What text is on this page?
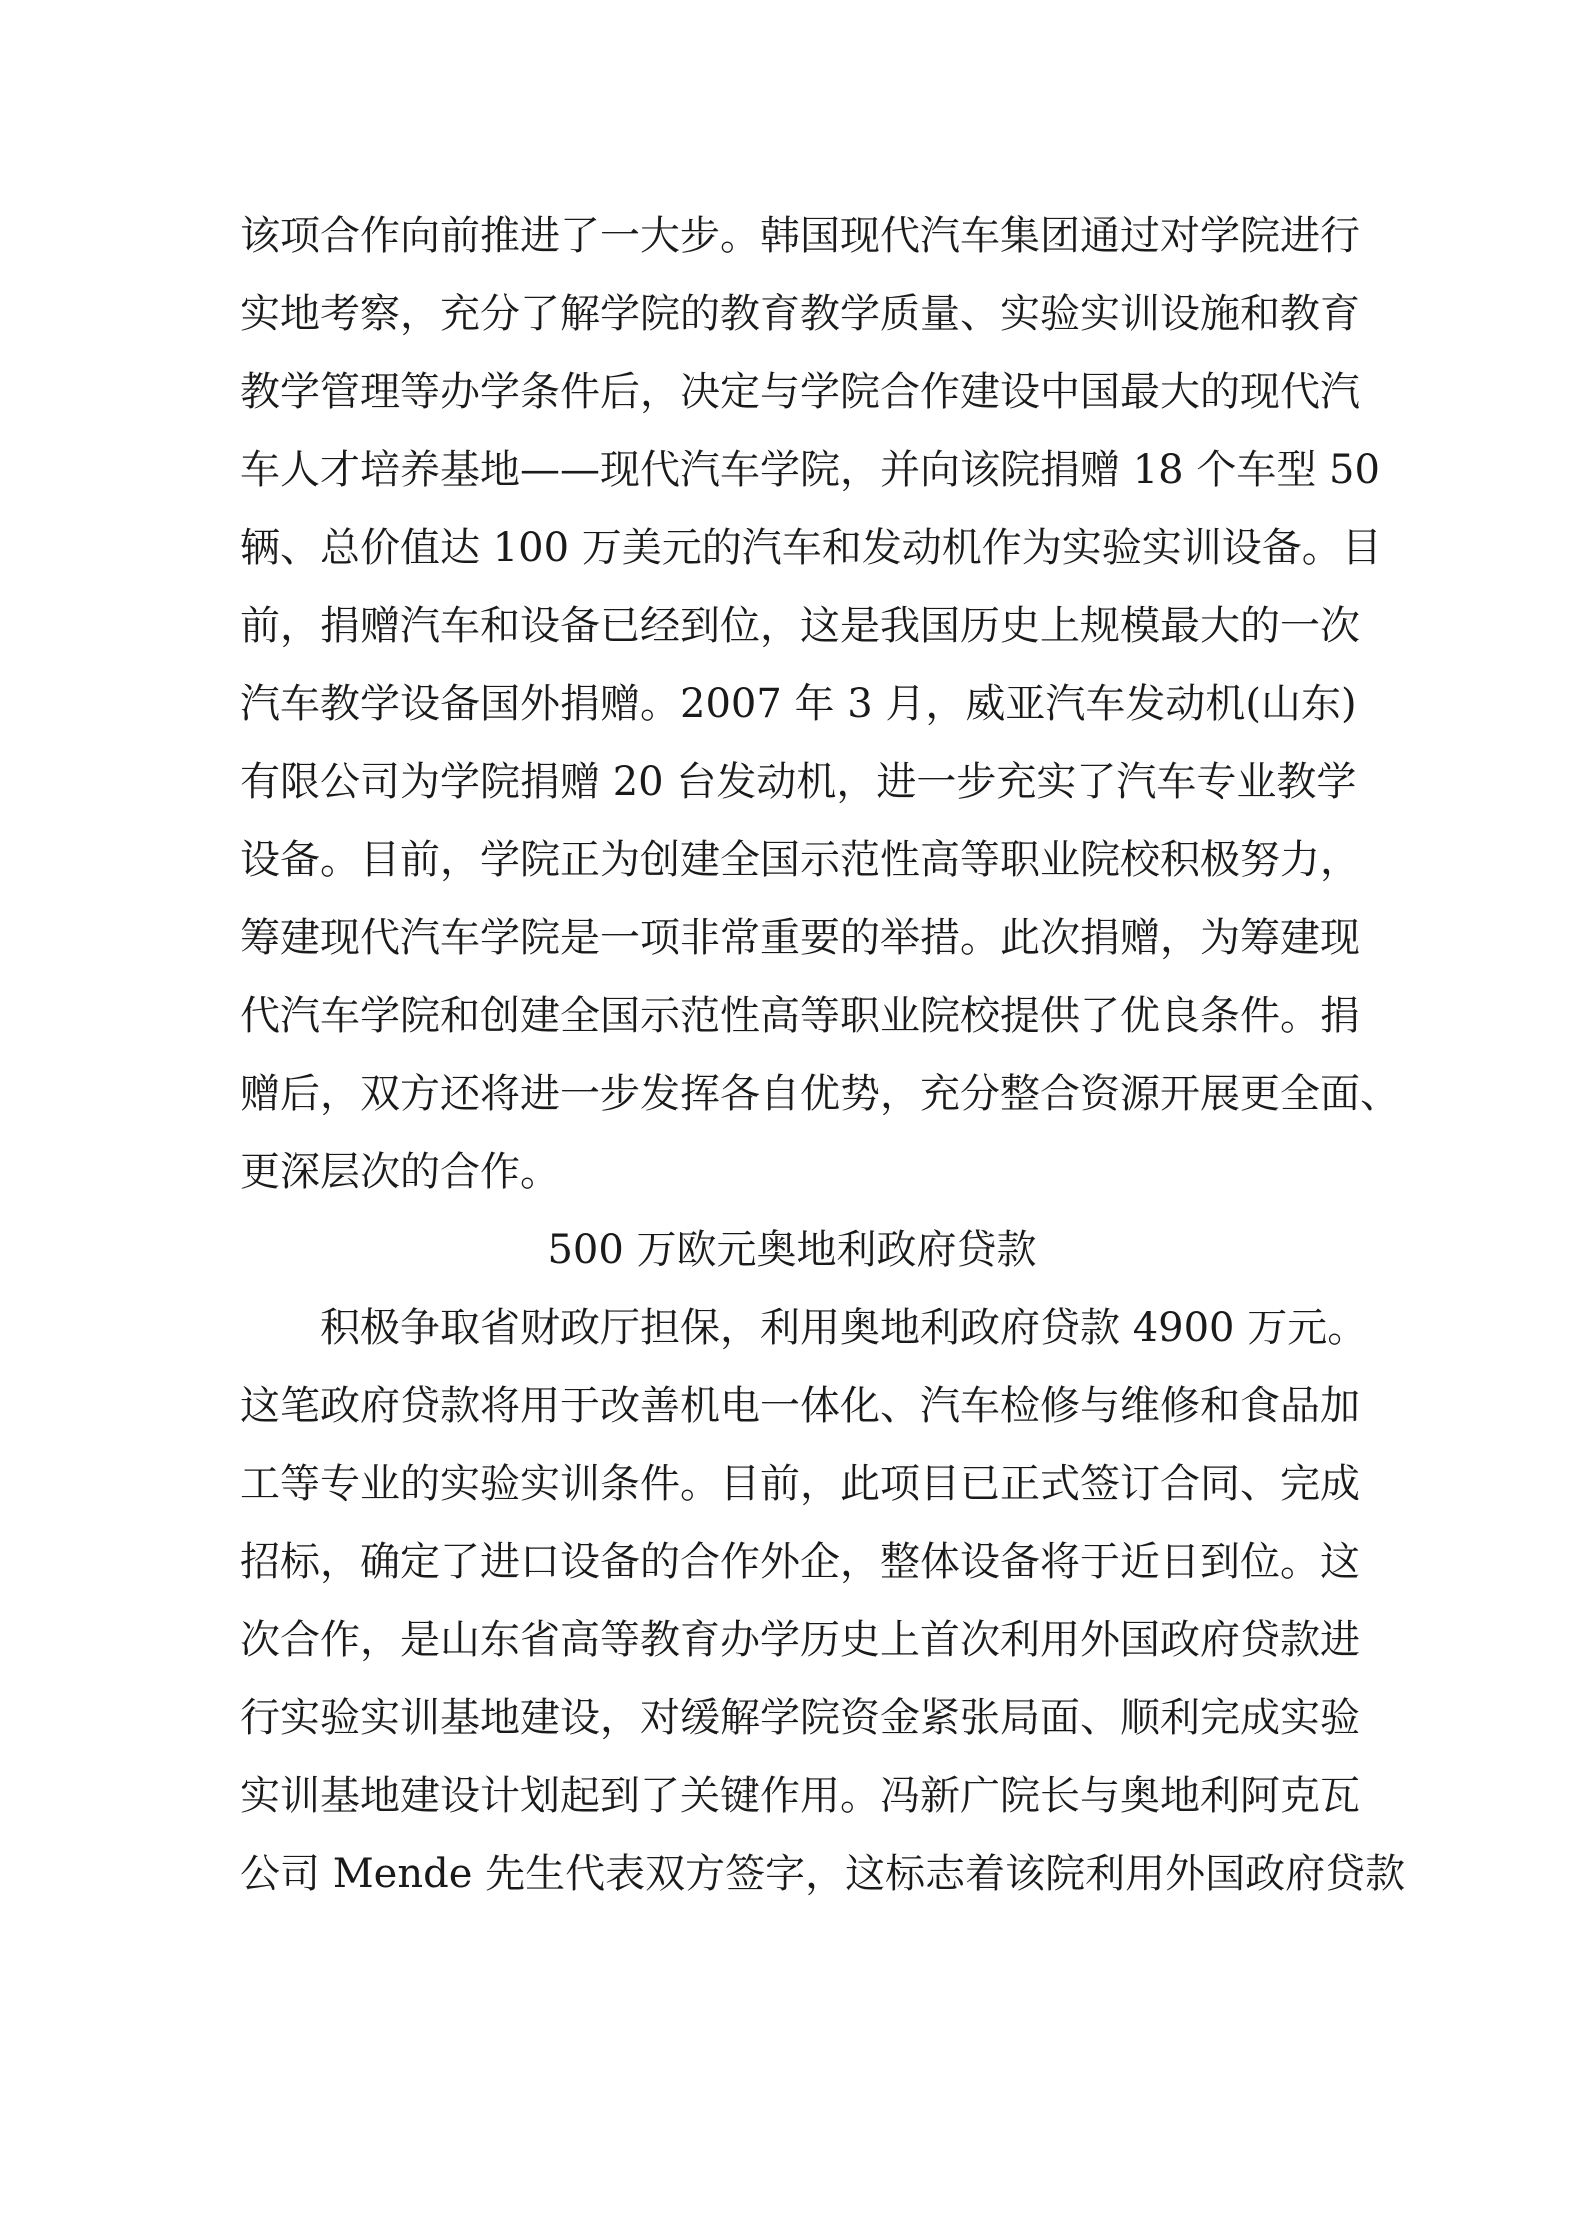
该项合作向前推进了一大步。韩国现代汽车集团通过对学院进行
实地考察，充分了解学院的教育教学质量、实验实训设施和教育
教学管理等办学条件后，决定与学院合作建设中国最大的现代汽
车人才培养基地——现代汽车学院，并向该院捐赠 18 个车型 50
辆、总价值达 100 万美元的汽车和发动机作为实验实训设备。目
前，捐赠汽车和设备已经到位，这是我国历史上规模最大的一次
汽车教学设备国外捐赠。2007 年 3 月，威亚汽车发动机(山东)
有限公司为学院捐赠 20 台发动机，进一步充实了汽车专业教学
设备。目前，学院正为创建全国示范性高等职业院校积极努力，
筹建现代汽车学院是一项非常重要的举措。此次捐赠，为筹建现
代汽车学院和创建全国示范性高等职业院校提供了优良条件。捐
赠后，双方还将进一步发挥各自优势，充分整合资源开展更全面、
更深层次的合作。
500 万欧元奥地利政府贷款
积极争取省财政厅担保，利用奥地利政府贷款 4900 万元。
这笔政府贷款将用于改善机电一体化、汽车检修与维修和食品加
工等专业的实验实训条件。目前，此项目已正式签订合同、完成
招标，确定了进口设备的合作外企，整体设备将于近日到位。这
次合作，是山东省高等教育办学历史上首次利用外国政府贷款进
行实验实训基地建设，对缓解学院资金紧张局面、顺利完成实验
实训基地建设计划起到了关键作用。冯新广院长与奥地利阿克瓦
公司 Mende 先生代表双方签字，这标志着该院利用外国政府贷款
